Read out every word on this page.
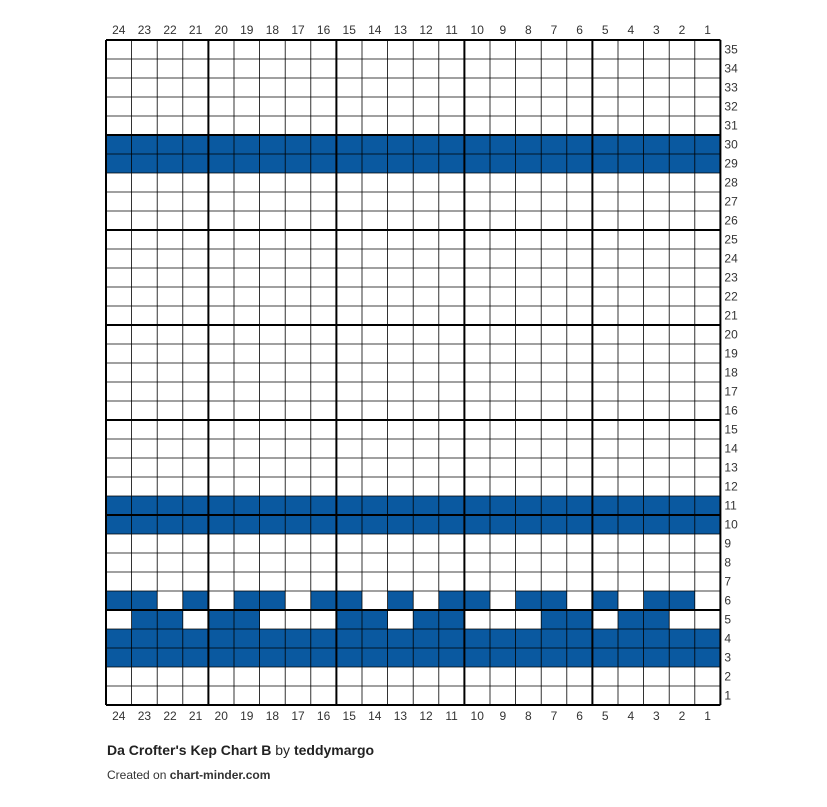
24 23 22 21 20 19 18 17 16 15 14 13 12 11 10 9 8 7 6 5 4 3 2 1
24 23 22 21 20 19 18 17 16 15 14 13 12 11 10 9 8 7 6 5 4 3 2 1
35
34
33
32
31
30
29
28
27
26
25
24
23
22
21
20
19
18
17
16
15
14
13
12
11
10
9
8
7
6
5
4
3
2
1
Da Crofter's Kep Chart B by teddymargo
Created on chart-minder.com
